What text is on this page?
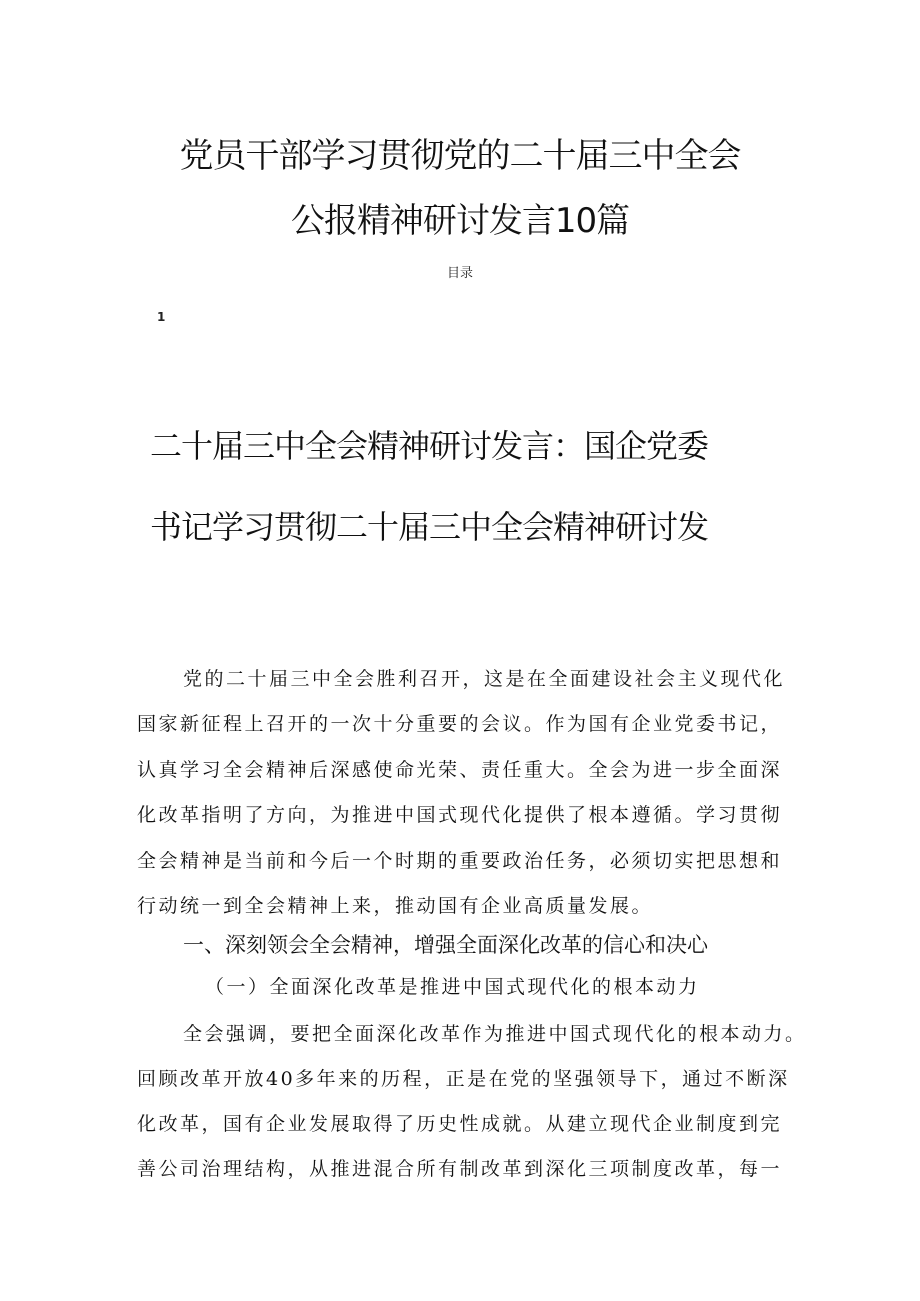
党员干部学习贯彻党的二十届三中全会
公报精神研讨发言10篇
目录
1
二十届三中全会精神研讨发言：国企党委
书记学习贯彻二十届三中全会精神研讨发
党的二十届三中全会胜利召开，这是在全面建设社会主义现代化
国家新征程上召开的一次十分重要的会议。作为国有企业党委书记，
认真学习全会精神后深感使命光荣、责任重大。全会为进一步全面深
化改革指明了方向，为推进中国式现代化提供了根本遵循。学习贯彻
全会精神是当前和今后一个时期的重要政治任务，必须切实把思想和
行动统一到全会精神上来，推动国有企业高质量发展。
一、深刻领会全会精神，增强全面深化改革的信心和决心
（一）全面深化改革是推进中国式现代化的根本动力
全会强调，要把全面深化改革作为推进中国式现代化的根本动力。
回顾改革开放40多年来的历程，正是在党的坚强领导下，通过不断深
化改革，国有企业发展取得了历史性成就。从建立现代企业制度到完
善公司治理结构，从推进混合所有制改革到深化三项制度改革，每一
